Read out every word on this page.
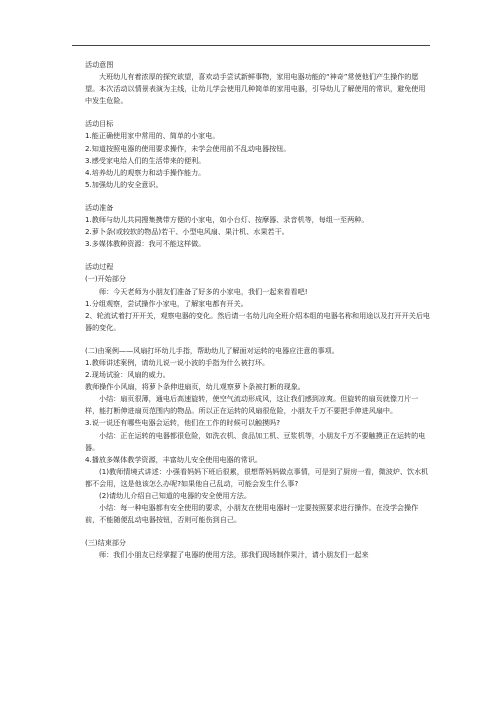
活动意图

大班幼儿有着浓厚的探究欲望，喜欢动手尝试新鲜事物，家用电器功能的“神奇”常使他们产生操作的愿望。本次活动以情景表演为主线，让幼儿学会使用几种简单的家用电器，引导幼儿了解使用的常识，避免使用中发生危险。

活动目标

1.能正确使用家中常用的、简单的小家电。

2.知道按照电器的使用要求操作，未学会使用前不乱动电器按钮。

3.感受家电给人们的生活带来的便利。

4.培养幼儿的观察力和动手操作能力。

5.加强幼儿的安全意识。

活动准备

1.教师与幼儿共同搜集携带方便的小家电，如小台灯、按摩器、录音机等，每组一至两种。

2.萝卜条(或较软的物品)若干、小型电风扇、果汁机、水果若干。

3.多媒体教种资源：我可不能这样做。

活动过程

(一)开始部分

师：今天老师为小朋友们准备了好多的小家电，我们一起来看看吧!

1.分组观察，尝试操作小家电，了解家电都有开关。

2、轮流试着打开开关，观察电器的变化。然后请一名幼儿向全班介绍本组的电器名称和用途以及打开开关后电器的变化。

(二)由案例——风扇打坏幼儿手指，帮助幼儿了解面对运转的电器应注意的事项。

1.教师讲述案例，请幼儿说一说小波的手指为什么被打坏。

2.现场试验：风扇的威力。

教师操作小风扇，将萝卜条伸进扇页，幼儿观察萝卜条被打断的现象。

小结：扇页很薄，通电后高速旋转，使空气流动形成风，这让我们感到凉爽。但旋转的扇页就像刀片一样，能打断伸进扇页范围内的物品。所以正在运转的风扇很危险，小朋友千万不要把手伸进风扇中。

3.说一说还有哪些电器会运转，他们在工作的时候可以触摸吗?

小结：正在运转的电器都很危险，如洗衣机、食品加工机、豆浆机等，小朋友千万不要触摸正在运转的电器。

4.播放多媒体教学资源，丰富幼儿安全使用电器的常识。

(1)教师情境式讲述：小强看妈妈下班后很累，很想帮妈妈做点事情，可是到了厨房一看，微波炉、饮水机都不会用，这是他该怎么办呢?如果他自己乱动，可能会发生什么事?

(2)请幼儿介绍自己知道的电器的安全使用方法。

小结：每一种电器都有安全使用的要求，小朋友在使用电器时一定要按照要求进行操作。在没学会操作前，不能随便乱动电器按钮，否则可能伤到自己。

(三)结束部分

师：我们小朋友已经掌握了电器的使用方法，那我们现场制作果汁，请小朋友们一起来
